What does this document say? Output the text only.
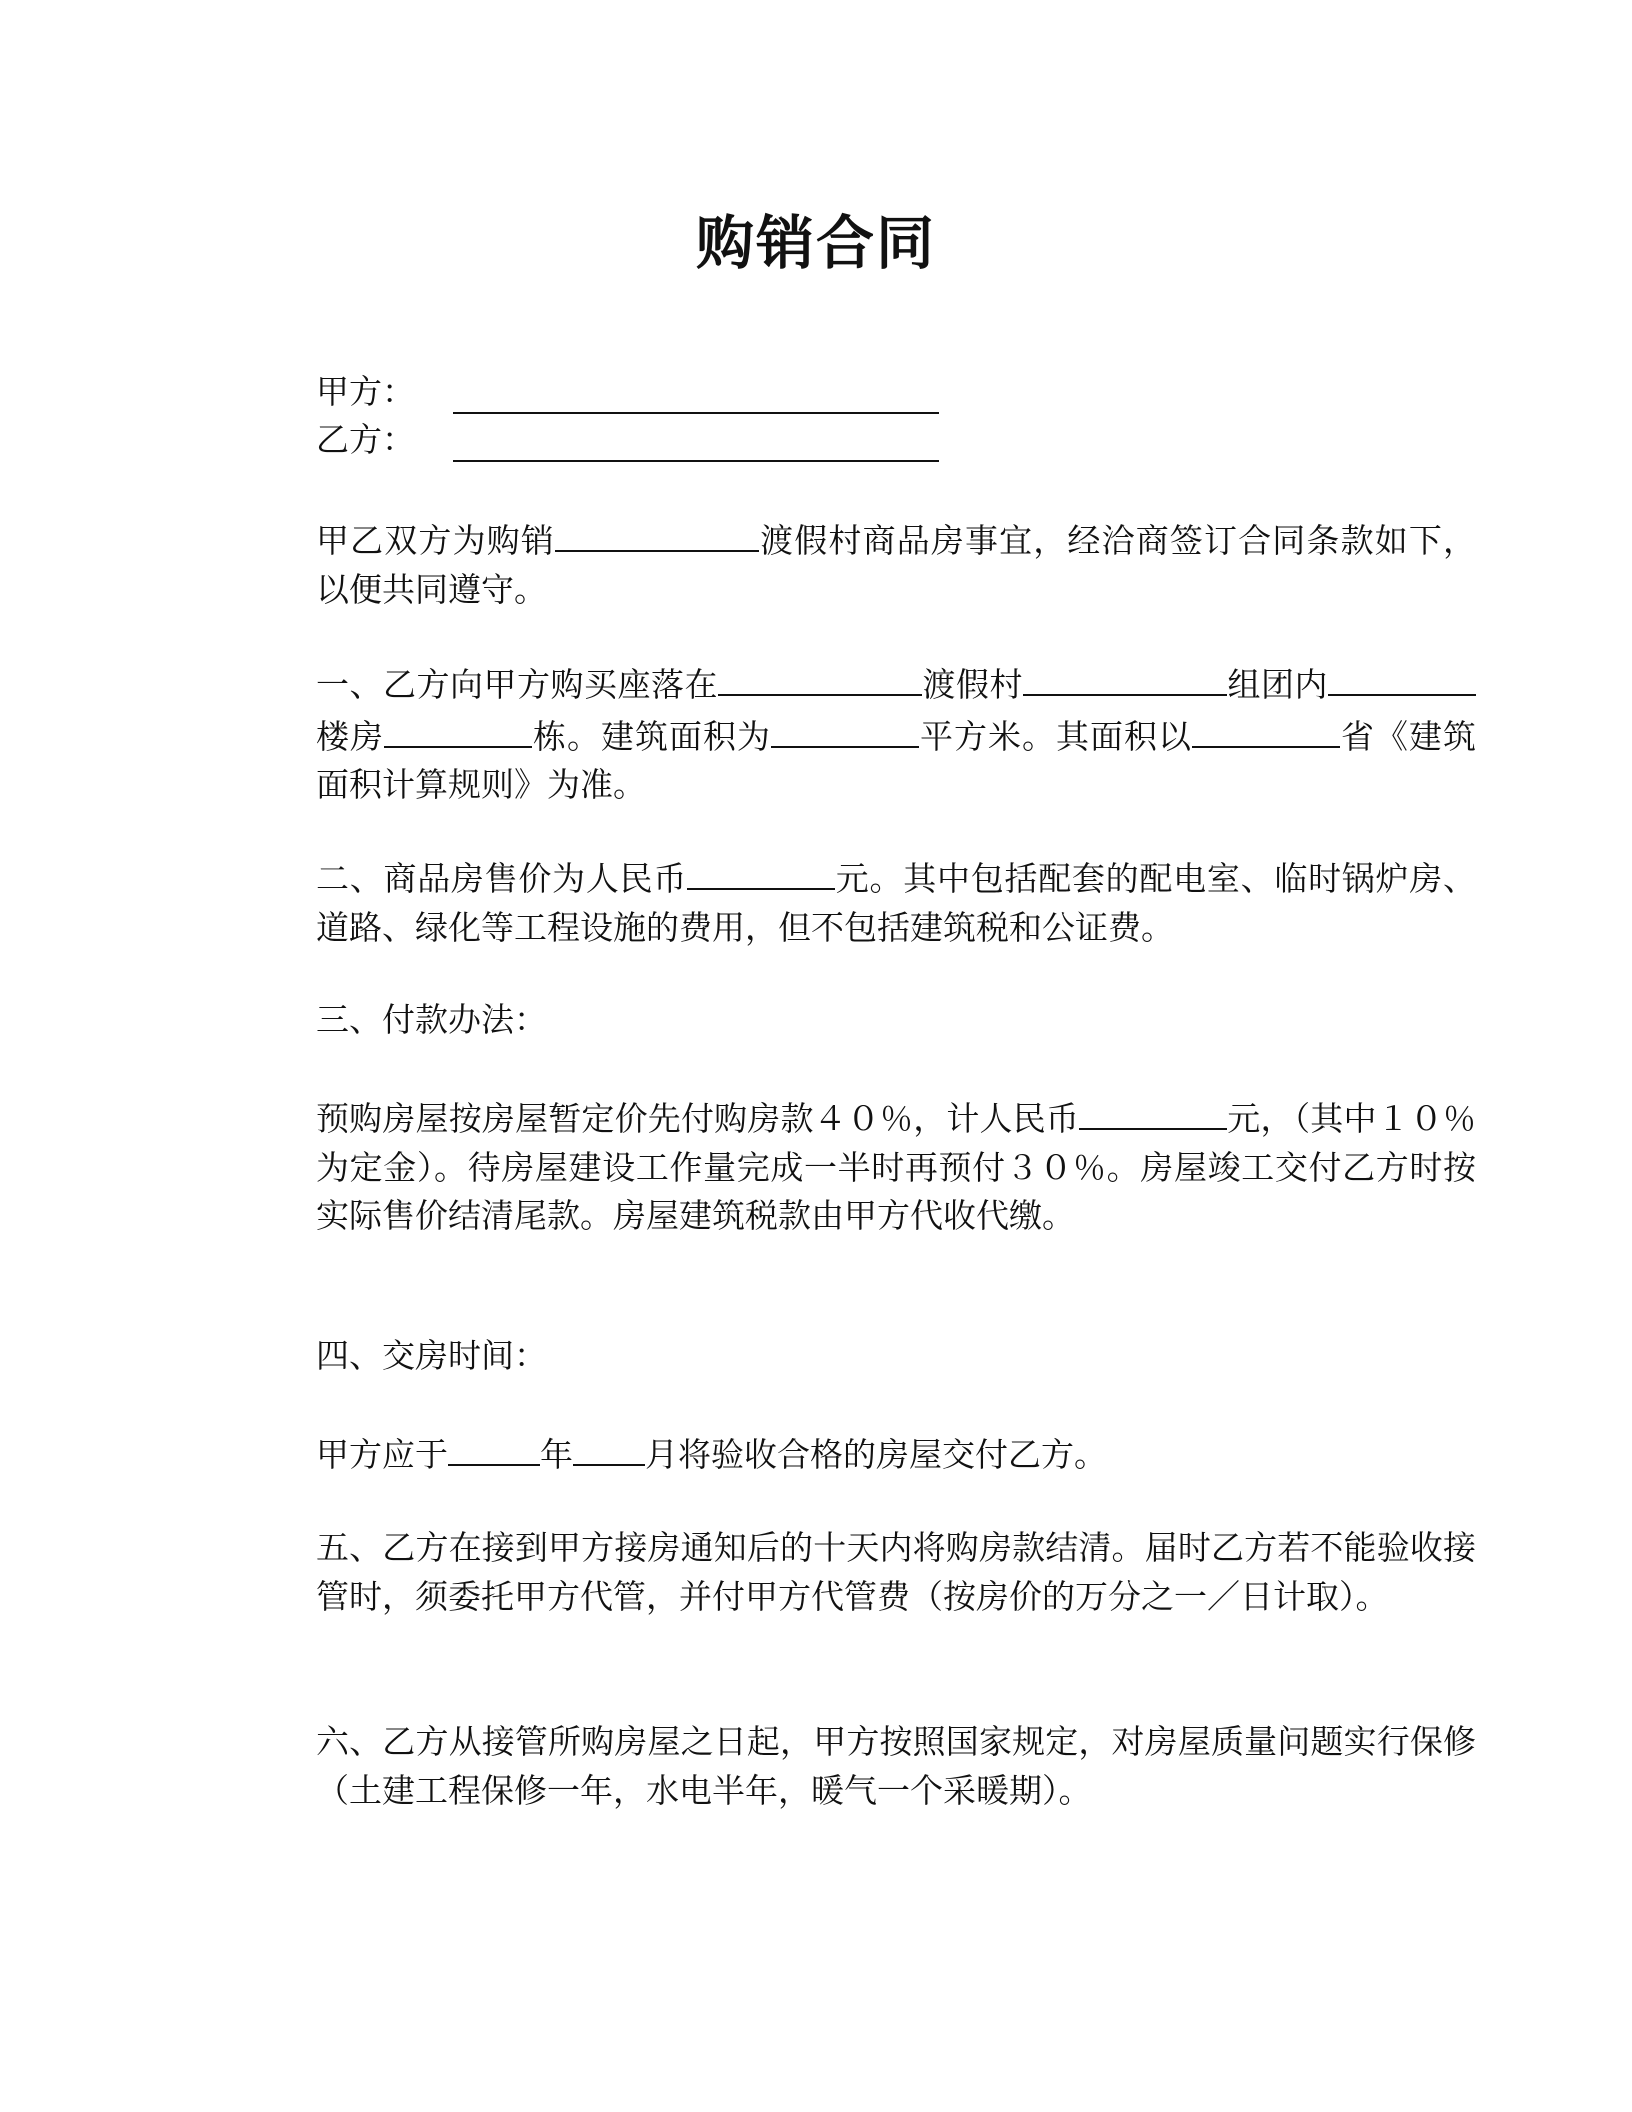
购销合同
甲方：
乙方：

甲乙双方为购销	渡假村商品房事宜，经洽商签订合同条款如下，以便共同遵守。

一、乙方向甲方购买座落在	渡假村	组团内楼房	栋。建筑面积为	平方米。其面积以	省《建筑面积计算规则》为准。

二、商品房售价为人民币	元。其中包括配套的配电室、临时锅炉房、道路、绿化等工程设施的费用，但不包括建筑税和公证费。

三、付款办法：

预购房屋按房屋暂定价先付购房款４０％，计人民币	元，（其中１０％为定金）。待房屋建设工作量完成一半时再预付３０％。房屋竣工交付乙方时按实际售价结清尾款。房屋建筑税款由甲方代收代缴。

四、交房时间：

甲方应于	年 月将验收合格的房屋交付乙方。

五、乙方在接到甲方接房通知后的十天内将购房款结清。届时乙方若不能验收接管时，须委托甲方代管，并付甲方代管费（按房价的万分之一／日计取）。

六、乙方从接管所购房屋之日起，甲方按照国家规定，对房屋质量问题实行保修（土建工程保修一年，水电半年，暖气一个采暖期）。
